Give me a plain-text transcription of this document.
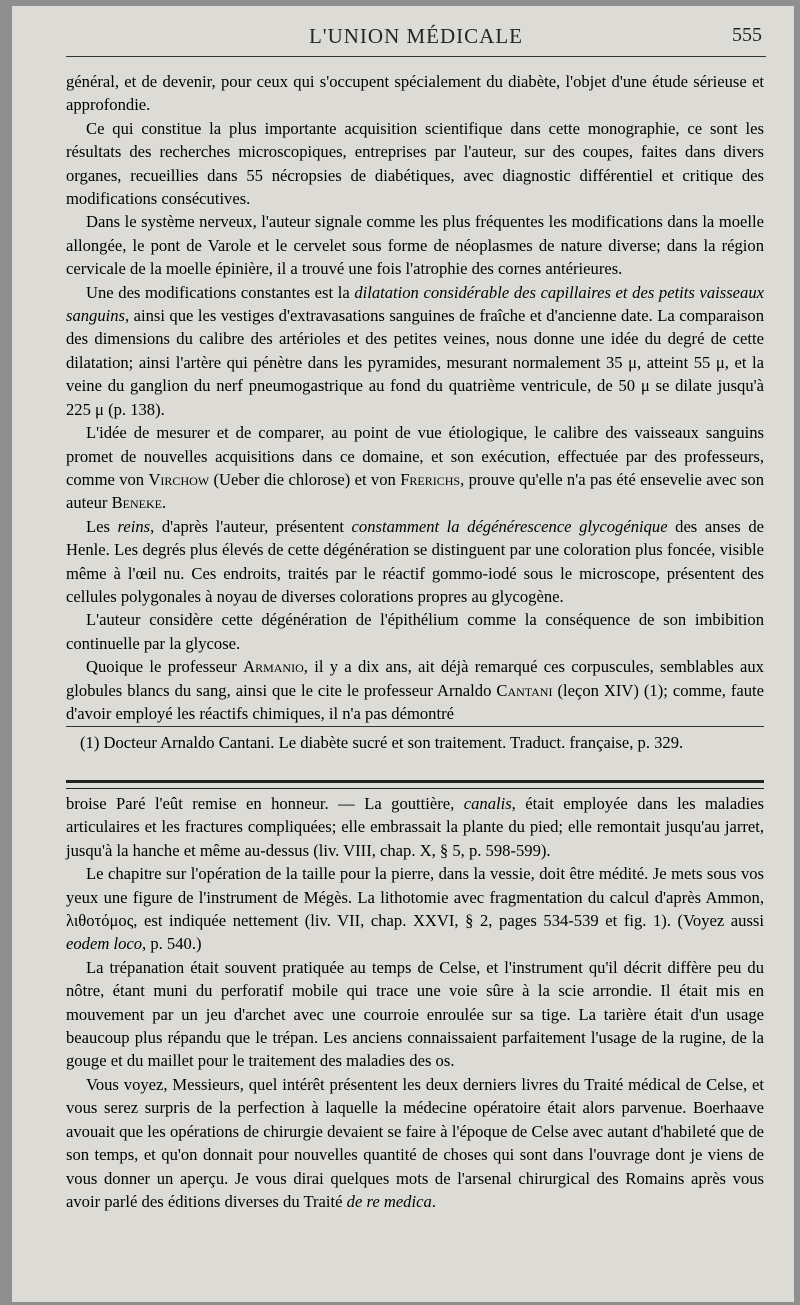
L'UNION MÉDICALE	555

général, et de devenir, pour ceux qui s'occupent spécialement du diabète, l'objet d'une étude sérieuse et approfondie.

Ce qui constitue la plus importante acquisition scientifique dans cette monographie, ce sont les résultats des recherches microscopiques, entreprises par l'auteur, sur des coupes, faites dans divers organes, recueillies dans 55 nécropsies de diabétiques, avec diagnostic différentiel et critique des modifications consécutives.

Dans le système nerveux, l'auteur signale comme les plus fréquentes les modifications dans la moelle allongée, le pont de Varole et le cervelet sous forme de néoplasmes de nature diverse; dans la région cervicale de la moelle épinière, il a trouvé une fois l'atrophie des cornes antérieures.

Une des modifications constantes est la dilatation considérable des capillaires et des petits vaisseaux sanguins, ainsi que les vestiges d'extravasations sanguines de fraîche et d'ancienne date. La comparaison des dimensions du calibre des artérioles et des petites veines, nous donne une idée du degré de cette dilatation; ainsi l'artère qui pénètre dans les pyramides, mesurant normalement 35 μ, atteint 55 μ, et la veine du ganglion du nerf pneumogastrique au fond du quatrième ventricule, de 50 μ se dilate jusqu'à 225 μ (p. 138).

L'idée de mesurer et de comparer, au point de vue étiologique, le calibre des vaisseaux sanguins promet de nouvelles acquisitions dans ce domaine, et son exécution, effectuée par des professeurs, comme von Virchow (Ueber die chlorose) et von Frerichs, prouve qu'elle n'a pas été ensevelie avec son auteur Beneke.

Les reins, d'après l'auteur, présentent constamment la dégénérescence glycogénique des anses de Henle. Les degrés plus élevés de cette dégénération se distinguent par une coloration plus foncée, visible même à l'œil nu. Ces endroits, traités par le réactif gommo-iodé sous le microscope, présentent des cellules polygonales à noyau de diverses colorations propres au glycogène.

L'auteur considère cette dégénération de l'épithélium comme la conséquence de son imbibition continuelle par la glycose.

Quoique le professeur Armanio, il y a dix ans, ait déjà remarqué ces corpuscules, semblables aux globules blancs du sang, ainsi que le cite le professeur Arnaldo Cantani (leçon XIV) (1); comme, faute d'avoir employé les réactifs chimiques, il n'a pas démontré

(1) Docteur Arnaldo Cantani. Le diabète sucré et son traitement. Traduct. française, p. 329.

broise Paré l'eût remise en honneur. — La gouttière, canalis, était employée dans les maladies articulaires et les fractures compliquées; elle embrassait la plante du pied; elle remontait jusqu'au jarret, jusqu'à la hanche et même au-dessus (liv. VIII, chap. X, § 5, p. 598-599).

Le chapitre sur l'opération de la taille pour la pierre, dans la vessie, doit être médité. Je mets sous vos yeux une figure de l'instrument de Mégès. La lithotomie avec fragmentation du calcul d'après Ammon, λιθοτόμος, est indiquée nettement (liv. VII, chap. XXVI, § 2, pages 534-539 et fig. 1). (Voyez aussi eodem loco, p. 540.)

La trépanation était souvent pratiquée au temps de Celse, et l'instrument qu'il décrit diffère peu du nôtre, étant muni du perforatif mobile qui trace une voie sûre à la scie arrondie. Il était mis en mouvement par un jeu d'archet avec une courroie enroulée sur sa tige. La tarière était d'un usage beaucoup plus répandu que le trépan. Les anciens connaissaient parfaitement l'usage de la rugine, de la gouge et du maillet pour le traitement des maladies des os.

Vous voyez, Messieurs, quel intérêt présentent les deux derniers livres du Traité médical de Celse, et vous serez surpris de la perfection à laquelle la médecine opératoire était alors parvenue. Boerhaave avouait que les opérations de chirurgie devaient se faire à l'époque de Celse avec autant d'habileté que de son temps, et qu'on donnait pour nouvelles quantité de choses qui sont dans l'ouvrage dont je viens de vous donner un aperçu. Je vous dirai quelques mots de l'arsenal chirurgical des Romains après vous avoir parlé des éditions diverses du Traité de re medica.
